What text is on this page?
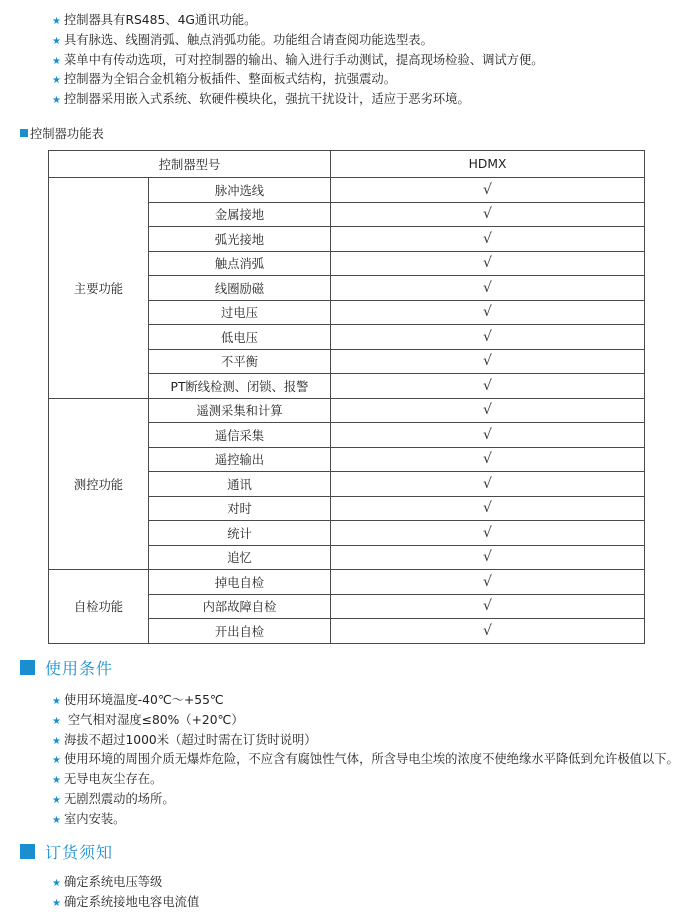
★ 控制器具有RS485、4G通讯功能。
★ 具有脉选、线圈消弧、触点消弧功能。功能组合请查阅功能选型表。
★ 菜单中有传动选项，可对控制器的输出、输入进行手动测试，提高现场检验、调试方便。
★ 控制器为全铝合金机箱分板插件、整面板式结构，抗强震动。
★ 控制器采用嵌入式系统、软硬件模块化，强抗干扰设计，适应于恶劣环境。
控制器功能表
控制器型号		HDMX
主要功能	脉冲选线	√
	金属接地	√
	弧光接地	√
	触点消弧	√
	线圈励磁	√
	过电压	√
	低电压	√
	不平衡	√
	PT断线检测、闭锁、报警	√
测控功能	遥测采集和计算	√
	遥信采集	√
	遥控输出	√
	通讯	√
	对时	√
	统计	√
	追忆	√
自检功能	掉电自检	√
	内部故障自检	√
	开出自检	√
使用条件
★ 使用环境温度-40℃～+55℃
★ 空气相对湿度≤80%（+20℃）
★ 海拔不超过1000米（超过时需在订货时说明）
★ 使用环境的周围介质无爆炸危险，不应含有腐蚀性气体，所含导电尘埃的浓度不使绝缘水平降低到允许极值以下。
★ 无导电灰尘存在。
★ 无剧烈震动的场所。
★ 室内安装。
订货须知
★ 确定系统电压等级
★ 确定系统接地电容电流值
